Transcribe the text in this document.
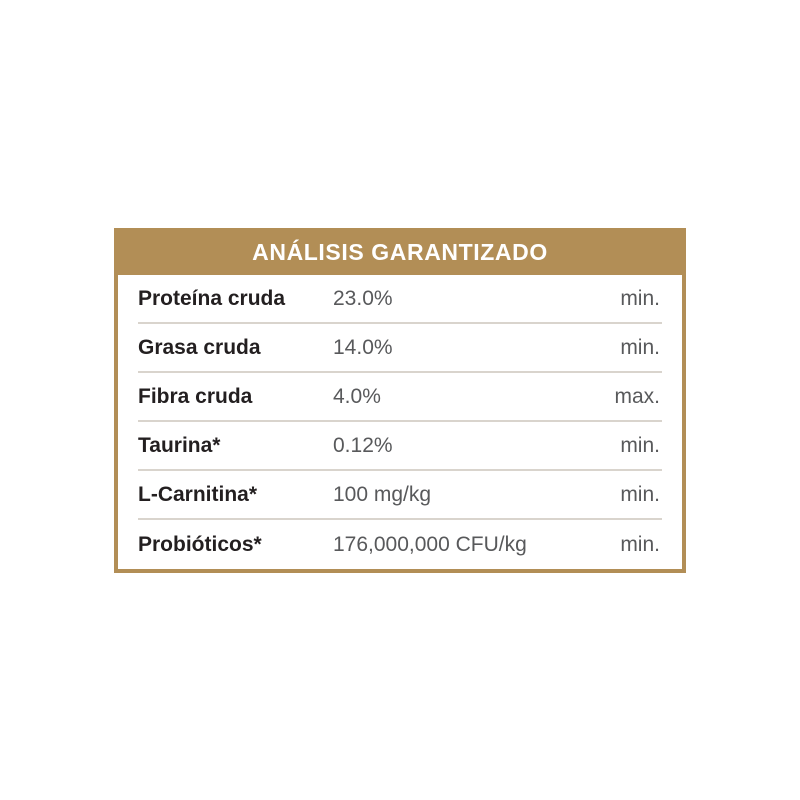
ANÁLISIS GARANTIZADO
Proteína cruda	23.0%	min.
Grasa cruda	14.0%	min.
Fibra cruda	4.0%	max.
Taurina*	0.12%	min.
L-Carnitina*	100 mg/kg	min.
Probióticos*	176,000,000 CFU/kg	min.
